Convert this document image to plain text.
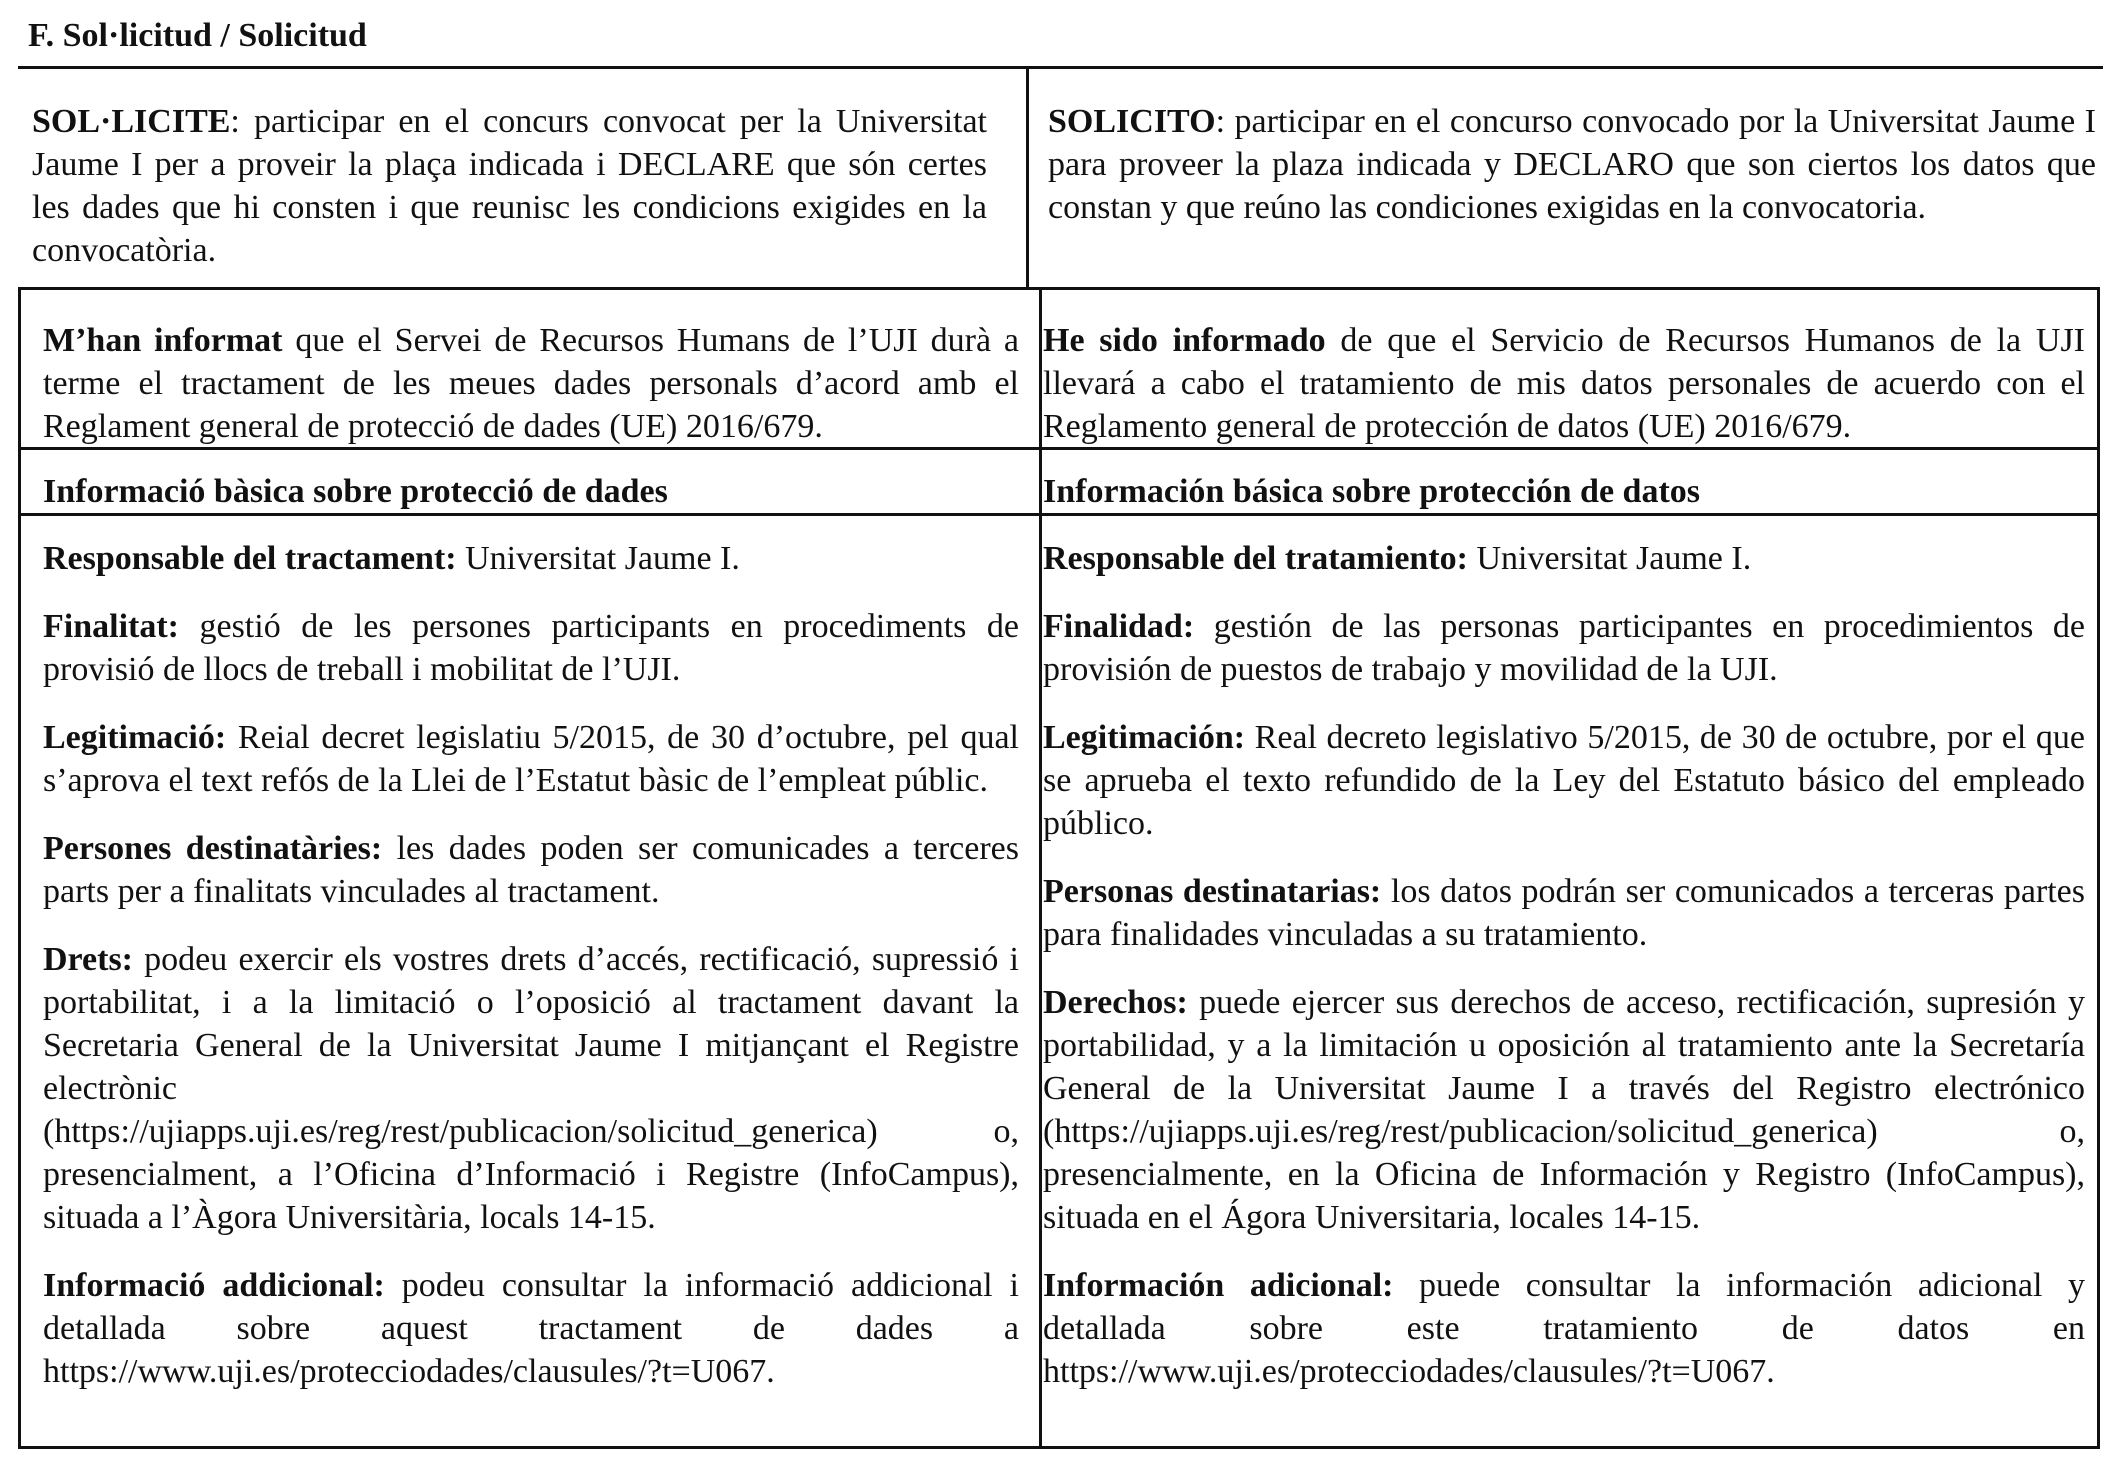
F. Sol·licitud / Solicitud

SOL·LICITE: participar en el concurs convocat per la Universitat Jaume I per a proveir la plaça indicada i DECLARE que són certes les dades que hi consten i que reunisc les condicions exigides en la convocatòria.

SOLICITO: participar en el concurso convocado por la Universitat Jaume I para proveer la plaza indicada y DECLARO que son ciertos los datos que constan y que reúno las condiciones exigidas en la convocatoria.

M’han informat que el Servei de Recursos Humans de l’UJI durà a terme el tractament de les meues dades personals d’acord amb el Reglament general de protecció de dades (UE) 2016/679.

He sido informado de que el Servicio de Recursos Humanos de la UJI llevará a cabo el tratamiento de mis datos personales de acuerdo con el Reglamento general de protección de datos (UE) 2016/679.

Informació bàsica sobre protecció de dades	Información básica sobre protección de datos

Responsable del tractament: Universitat Jaume I.

Finalitat: gestió de les persones participants en procediments de provisió de llocs de treball i mobilitat de l’UJI.

Legitimació: Reial decret legislatiu 5/2015, de 30 d’octubre, pel qual s’aprova el text refós de la Llei de l’Estatut bàsic de l’empleat públic.

Persones destinatàries: les dades poden ser comunicades a terceres parts per a finalitats vinculades al tractament.

Drets: podeu exercir els vostres drets d’accés, rectificació, supressió i portabilitat, i a la limitació o l’oposició al tractament davant la Secretaria General de la Universitat Jaume I mitjançant el Registre electrònic (https://ujiapps.uji.es/reg/rest/publicacion/solicitud_generica) o, presencialment, a l’Oficina d’Informació i Registre (InfoCampus), situada a l’Àgora Universitària, locals 14-15.

Informació addicional: podeu consultar la informació addicional i detallada sobre aquest tractament de dades a https://www.uji.es/protecciodades/clausules/?t=U067.

Responsable del tratamiento: Universitat Jaume I.

Finalidad: gestión de las personas participantes en procedimientos de provisión de puestos de trabajo y movilidad de la UJI.

Legitimación: Real decreto legislativo 5/2015, de 30 de octubre, por el que se aprueba el texto refundido de la Ley del Estatuto básico del empleado público.

Personas destinatarias: los datos podrán ser comunicados a terceras partes para finalidades vinculadas a su tratamiento.

Derechos: puede ejercer sus derechos de acceso, rectificación, supresión y portabilidad, y a la limitación u oposición al tratamiento ante la Secretaría General de la Universitat Jaume I a través del Registro electrónico (https://ujiapps.uji.es/reg/rest/publicacion/solicitud_generica) o, presencialmente, en la Oficina de Información y Registro (InfoCampus), situada en el Ágora Universitaria, locales 14-15.

Información adicional: puede consultar la información adicional y detallada sobre este tratamiento de datos en https://www.uji.es/protecciodades/clausules/?t=U067.
